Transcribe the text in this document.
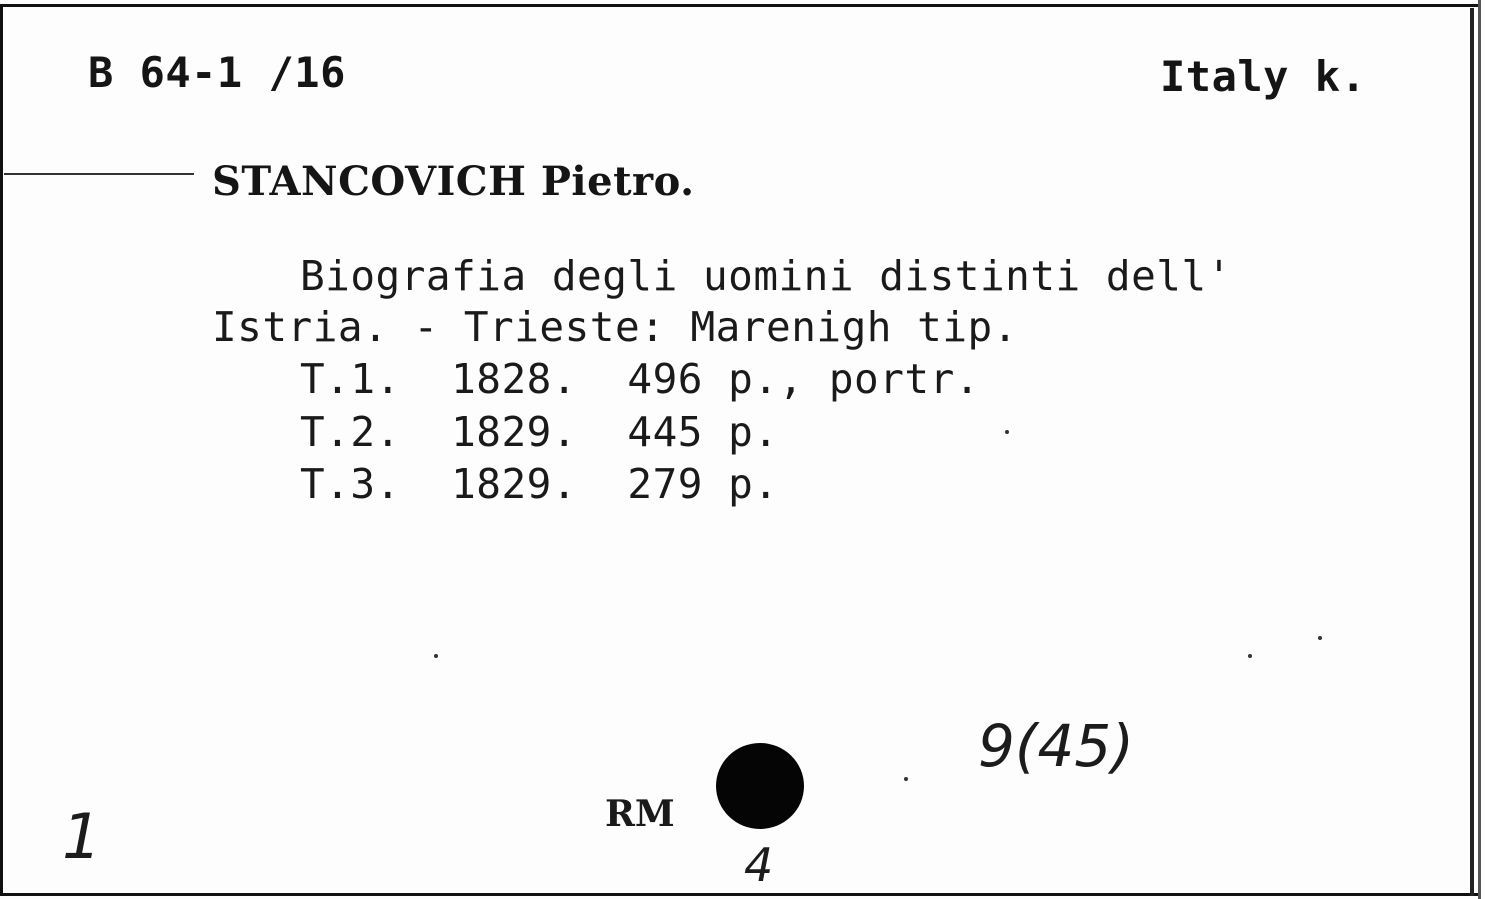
B 64-1 /16	Italy k.
STANCOVICH Pietro.
Biografia degli uomini distinti dell'
Istria. - Trieste: Marenigh tip.
T.1.  1828.  496 p., portr.
T.2.  1829.  445 p.
T.3.  1829.  279 p.
1	RM
4
9(45)
